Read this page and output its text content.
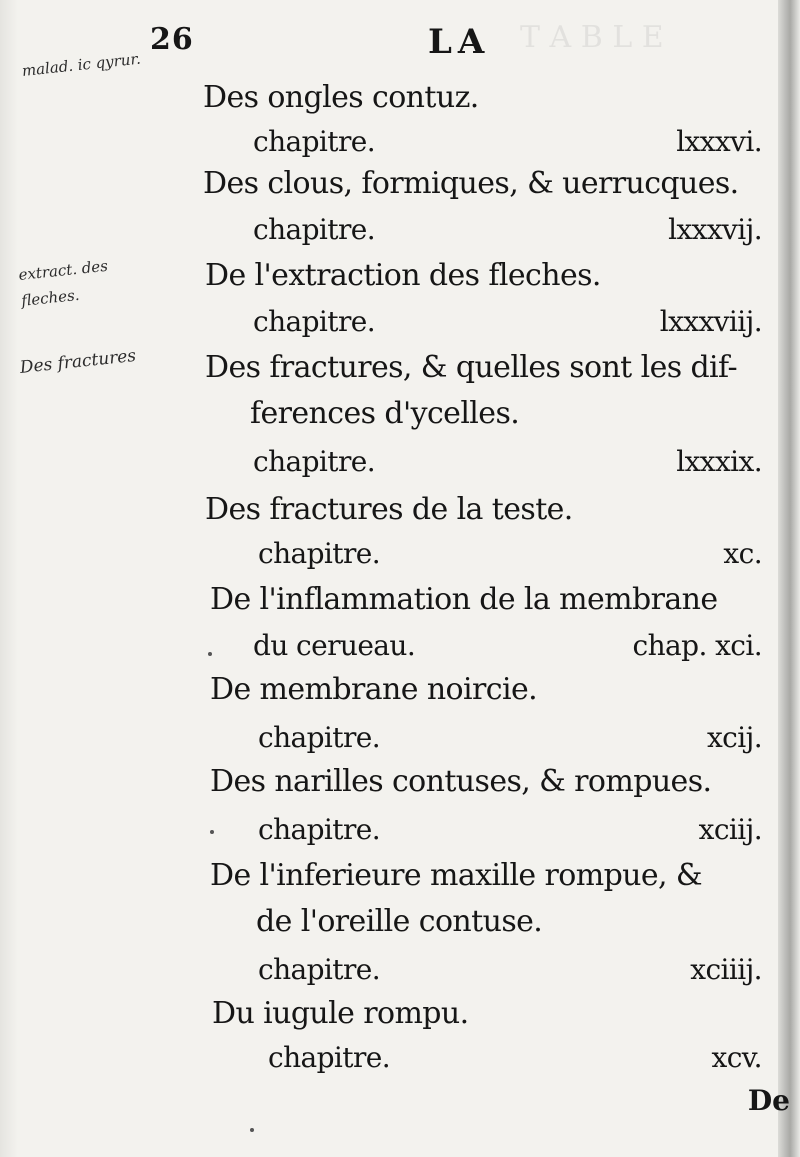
T A B L E
26	LA
malad. ic qyrur.
extract. des fleches.
Des fractures
Des ongles contuz.
chapitre.	lxxxvi.
Des clous, formiques, & uerrucques.
chapitre.	lxxxvij.
De l'extraction des fleches.
chapitre.	lxxxviij.
Des fractures, & quelles sont les dif-
ferences d'ycelles.
chapitre.	lxxxix.
Des fractures de la teste.
chapitre.	xc.
De l'inflammation de la membrane
du cerueau.	chap. xci.
De membrane noircie.
chapitre.	xcij.
Des narilles contuses, & rompues.
chapitre.	xciij.
De l'inferieure maxille rompue, &
de l'oreille contuse.
chapitre.	xciiij.
Du iugule rompu.
chapitre.	xcv.
De
